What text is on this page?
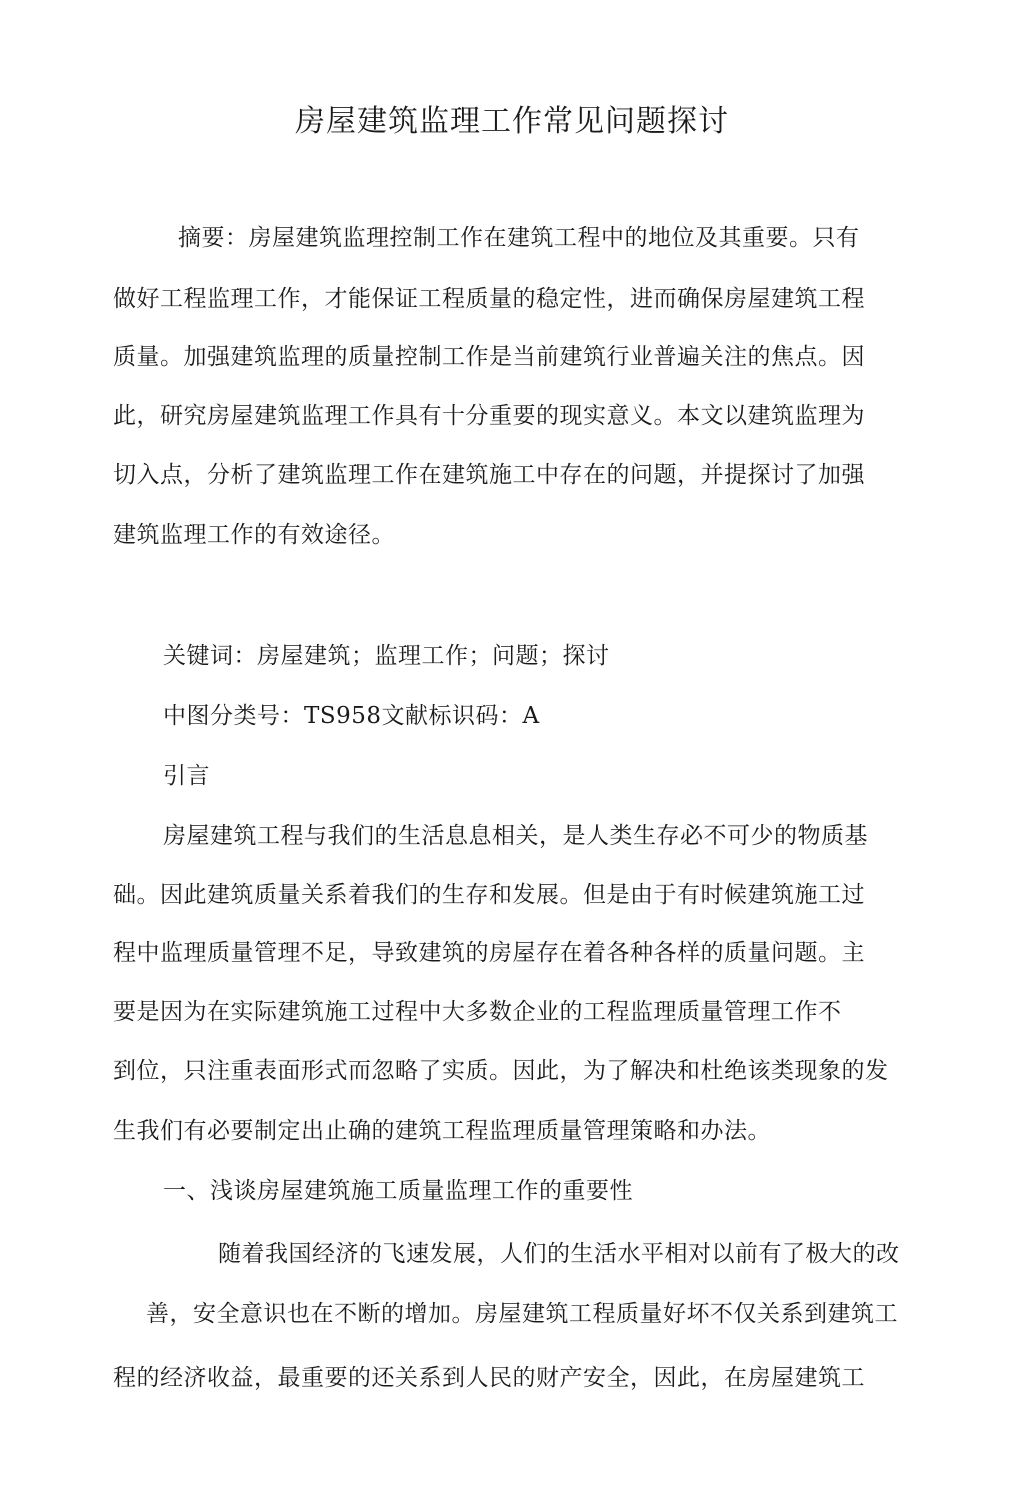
房屋建筑监理工作常见问题探讨
摘要：房屋建筑监理控制工作在建筑工程中的地位及其重要。只有
做好工程监理工作，才能保证工程质量的稳定性，进而确保房屋建筑工程
质量。加强建筑监理的质量控制工作是当前建筑行业普遍关注的焦点。因
此，研究房屋建筑监理工作具有十分重要的现实意义。本文以建筑监理为
切入点，分析了建筑监理工作在建筑施工中存在的问题，并提探讨了加强
建筑监理工作的有效途径。
关键词：房屋建筑；监理工作；问题；探讨
中图分类号：TS958文献标识码：A
引言
房屋建筑工程与我们的生活息息相关，是人类生存必不可少的物质基
础。因此建筑质量关系着我们的生存和发展。但是由于有时候建筑施工过
程中监理质量管理不足，导致建筑的房屋存在着各种各样的质量问题。主
要是因为在实际建筑施工过程中大多数企业的工程监理质量管理工作不
到位，只注重表面形式而忽略了实质。因此，为了解决和杜绝该类现象的发
生我们有必要制定出止确的建筑工程监理质量管理策略和办法。
一、浅谈房屋建筑施工质量监理工作的重要性
随着我国经济的飞速发展，人们的生活水平相对以前有了极大的改
善，安全意识也在不断的增加。房屋建筑工程质量好坏不仅关系到建筑工
程的经济收益，最重要的还关系到人民的财产安全，因此，在房屋建筑工
